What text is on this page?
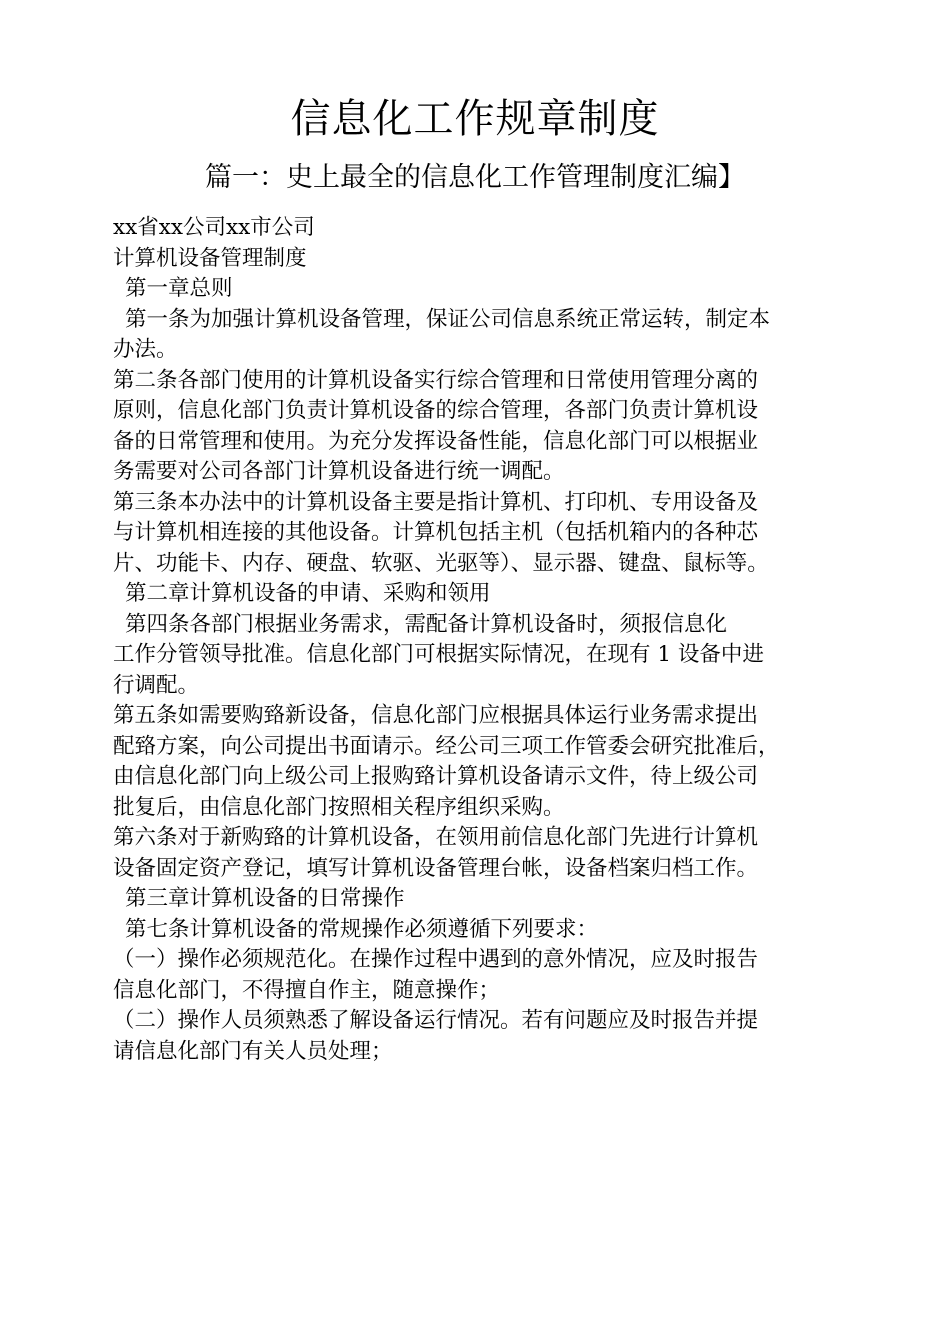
信息化工作规章制度
篇一：史上最全的信息化工作管理制度汇编】
xx省xx公司xx市公司
计算机设备管理制度
第一章总则
第一条为加强计算机设备管理，保证公司信息系统正常运转，制定本
办法。
第二条各部门使用的计算机设备实行综合管理和日常使用管理分离的
原则，信息化部门负责计算机设备的综合管理，各部门负责计算机设
备的日常管理和使用。为充分发挥设备性能，信息化部门可以根据业
务需要对公司各部门计算机设备进行统一调配。
第三条本办法中的计算机设备主要是指计算机、打印机、专用设备及
与计算机相连接的其他设备。计算机包括主机（包括机箱内的各种芯
片、功能卡、内存、硬盘、软驱、光驱等）、显示器、键盘、鼠标等。
第二章计算机设备的申请、采购和领用
第四条各部门根据业务需求，需配备计算机设备时，须报信息化
工作分管领导批准。信息化部门可根据实际情况，在现有 1 设备中进
行调配。
第五条如需要购臵新设备，信息化部门应根据具体运行业务需求提出
配臵方案，向公司提出书面请示。经公司三项工作管委会研究批准后，
由信息化部门向上级公司上报购臵计算机设备请示文件，待上级公司
批复后，由信息化部门按照相关程序组织采购。
第六条对于新购臵的计算机设备，在领用前信息化部门先进行计算机
设备固定资产登记，填写计算机设备管理台帐，设备档案归档工作。
第三章计算机设备的日常操作
第七条计算机设备的常规操作必须遵循下列要求：
（一）操作必须规范化。在操作过程中遇到的意外情况，应及时报告
信息化部门，不得擅自作主，随意操作；
（二）操作人员须熟悉了解设备运行情况。若有问题应及时报告并提
请信息化部门有关人员处理；
